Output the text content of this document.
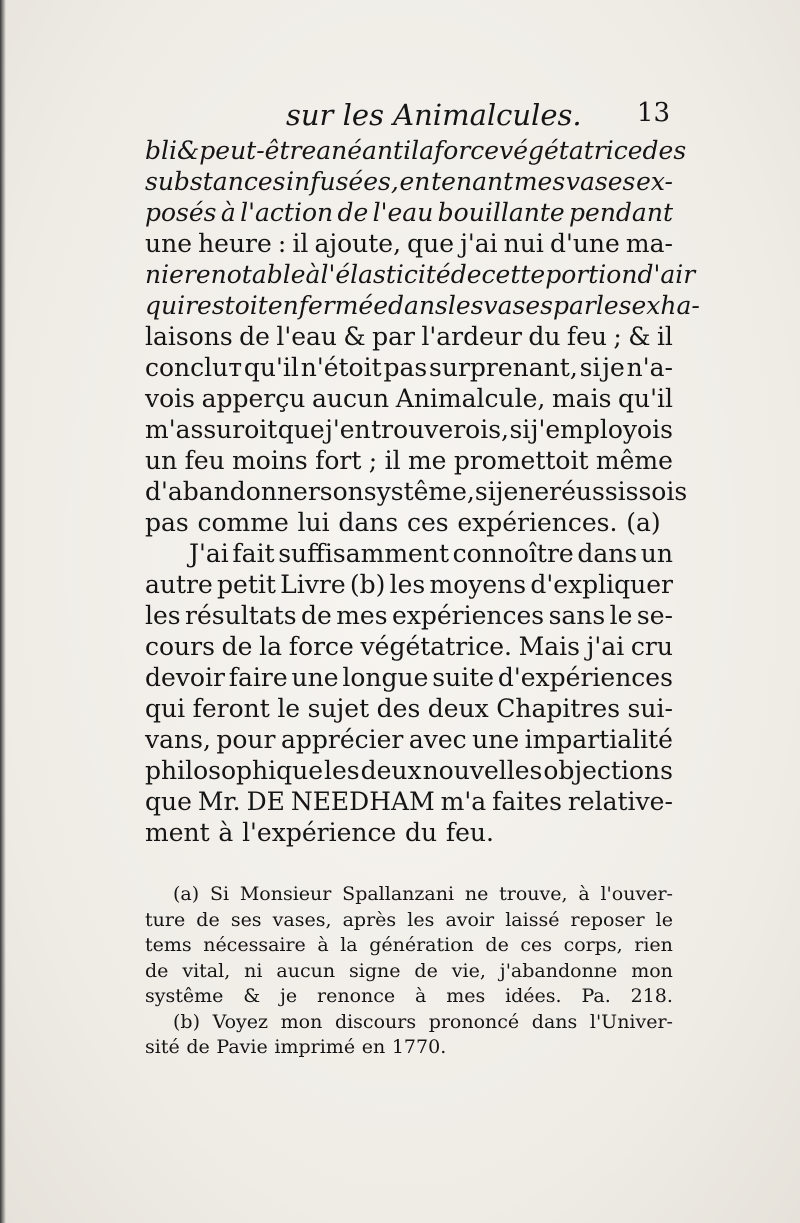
sur les Animalcules. 13
bli & peut-être anéanti la force végétatrice des
substances infusées, en tenant mes vases ex-
posés à l'action de l'eau bouillante pendant
une heure : il ajoute, que j'ai nui d'une ma-
niere notable à l'élasticité de cette portion d'air
qui restoit enfermée dans les vases par les exha-
laisons de l'eau & par l'ardeur du feu ; & il
concluт qu'il n'étoit pas surprenant, si je n'a-
vois apperçu aucun Animalcule, mais qu'il
m'assuroit que j'en trouverois, si j'employois
un feu moins fort ; il me promettoit même
d'abandonner son systême, si je ne réussissois
pas comme lui dans ces expériences. (a)
J'ai fait suffisamment connoître dans un
autre petit Livre (b) les moyens d'expliquer
les résultats de mes expériences sans le se-
cours de la force végétatrice. Mais j'ai cru
devoir faire une longue suite d'expériences
qui feront le sujet des deux Chapitres sui-
vans, pour apprécier avec une impartialité
philosophique les deux nouvelles objections
que Mr. DE NEEDHAM m'a faites relative-
ment à l'expérience du feu.
(a) Si Monsieur Spallanzani ne trouve, à l'ouver-
ture de ses vases, après les avoir laissé reposer le
tems nécessaire à la génération de ces corps, rien
de vital, ni aucun signe de vie, j'abandonne mon
systême & je renonce à mes idées. Pa. 218.
(b) Voyez mon discours prononcé dans l'Univer-
sité de Pavie imprimé en 1770.
